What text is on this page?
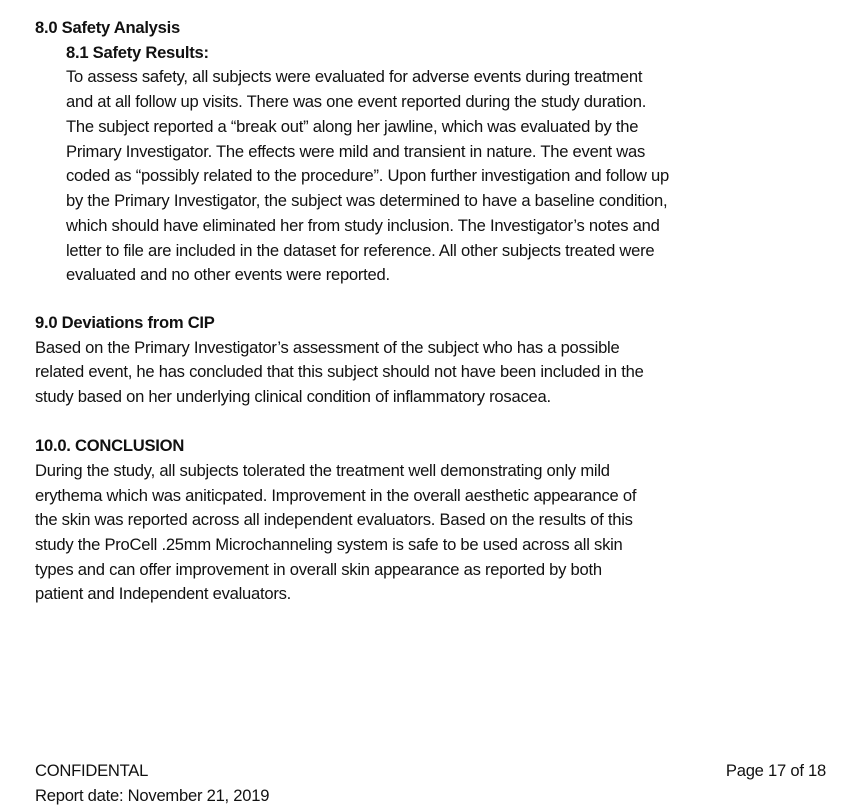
8.0 Safety Analysis
8.1 Safety Results:
To assess safety, all subjects were evaluated for adverse events during treatment
and at all follow up visits. There was one event reported during the study duration.
The subject reported a “break out” along her jawline, which was evaluated by the
Primary Investigator. The effects were mild and transient in nature. The event was
coded as “possibly related to the procedure”. Upon further investigation and follow up
by the Primary Investigator, the subject was determined to have a baseline condition,
which should have eliminated her from study inclusion. The Investigator’s notes and
letter to file are included in the dataset for reference. All other subjects treated were
evaluated and no other events were reported.
9.0 Deviations from CIP
Based on the Primary Investigator’s assessment of the subject who has a possible
related event, he has concluded that this subject should not have been included in the
study based on her underlying clinical condition of inflammatory rosacea.
10.0. CONCLUSION
During the study, all subjects tolerated the treatment well demonstrating only mild
erythema which was aniticpated. Improvement in the overall aesthetic appearance of
the skin was reported across all independent evaluators. Based on the results of this
study the ProCell .25mm Microchanneling system is safe to be used across all skin
types and can offer improvement in overall skin appearance as reported by both
patient and Independent evaluators.
CONFIDENTAL
Report date: November 21, 2019
Page 17 of 18
